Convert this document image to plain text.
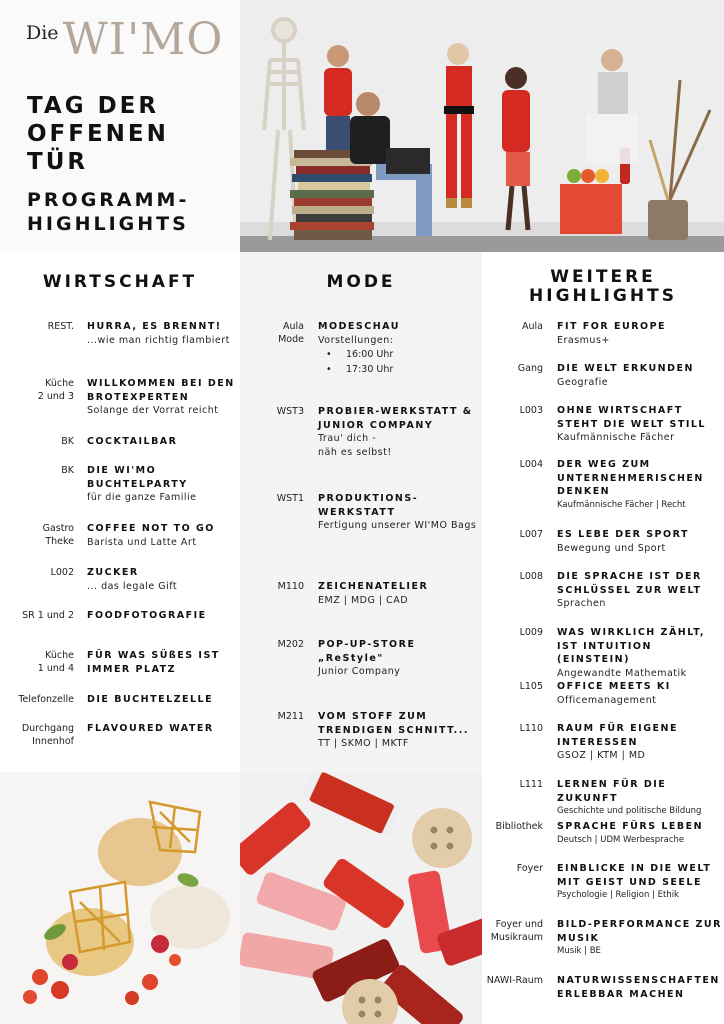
Die WI'MO
TAG DER
OFFENEN
TÜR
PROGRAMM-
HIGHLIGHTS
WIRTSCHAFT
REST. HURRA, ES BRENNT!
...wie man richtig flambiert
Küche
2 und 3
WILLKOMMEN BEI DEN BROTEXPERTEN
Solange der Vorrat reicht
BK COCKTAILBAR
BK DIE WI'MO BUCHTELPARTY
für die ganze Familie
Gastro
Theke
COFFEE NOT TO GO
Barista und Latte Art
L002 ZUCKER
... das legale Gift
SR 1 und 2 FOODFOTOGRAFIE
Küche
1 und 4
FÜR WAS SÜßES IST IMMER PLATZ
Telefonzelle DIE BUCHTELZELLE
Durchgang
Innenhof
FLAVOURED WATER
MODE
Aula
Mode
MODESCHAU
Vorstellungen:
• 16:00 Uhr
• 17:30 Uhr
WST3 PROBIER-WERKSTATT & JUNIOR COMPANY
Trau' dich -
näh es selbst!
WST1 PRODUKTIONS-WERKSTATT
Fertigung unserer WI'MO Bags
M110 ZEICHENATELIER
EMZ | MDG | CAD
M202 POP-UP-STORE „ReStyle"
Junior Company
M211 VOM STOFF ZUM TRENDIGEN SCHNITT...
TT | SKMO | MKTF
WEITERE
HIGHLIGHTS
Aula FIT FOR EUROPE
Erasmus+
Gang DIE WELT ERKUNDEN
Geografie
L003 OHNE WIRTSCHAFT STEHT DIE WELT STILL
Kaufmännische Fächer
L004 DER WEG ZUM UNTERNEHMERISCHEN DENKEN
Kaufmännische Fächer | Recht
L007 ES LEBE DER SPORT
Bewegung und Sport
L008 DIE SPRACHE IST DER SCHLÜSSEL ZUR WELT
Sprachen
L009 WAS WIRKLICH ZÄHLT, IST INTUITION (EINSTEIN)
Angewandte Mathematik
L105 OFFICE MEETS KI
Officemanagement
L110 RAUM FÜR EIGENE INTERESSEN
GSOZ | KTM | MD
L111 LERNEN FÜR DIE ZUKUNFT
Geschichte und politische Bildung
Bibliothek SPRACHE FÜRS LEBEN
Deutsch | UDM Werbesprache
Foyer EINBLICKE IN DIE WELT MIT GEIST UND SEELE
Psychologie | Religion | Ethik
Foyer und
Musikraum
BILD-PERFORMANCE ZUR MUSIK
Musik | BE
NAWI-Raum NATURWISSENSCHAFTEN ERLEBBAR MACHEN
